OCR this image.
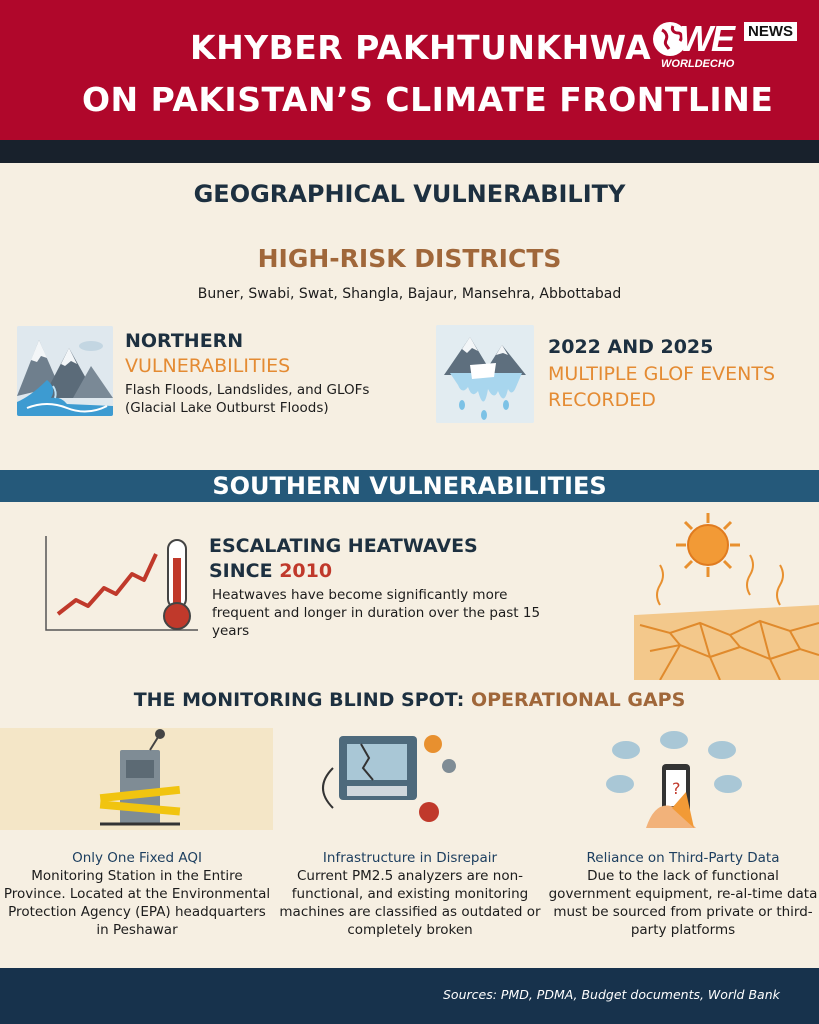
KHYBER PAKHTUNKHWA
ON PAKISTAN’S CLIMATE FRONTLINE
WE NEWS
WORLDECHO
GEOGRAPHICAL VULNERABILITY
HIGH-RISK DISTRICTS
Buner, Swabi, Swat, Shangla, Bajaur, Mansehra, Abbottabad
NORTHERN
VULNERABILITIES
Flash Floods, Landslides, and GLOFs
(Glacial Lake Outburst Floods)
2022 AND 2025
MULTIPLE GLOF EVENTS RECORDED
SOUTHERN VULNERABILITIES
ESCALATING HEATWAVES
SINCE 2010
Heatwaves have become significantly more frequent and longer in duration over the past 15 years
THE MONITORING BLIND SPOT: OPERATIONAL GAPS
?
Only One Fixed AQI
Monitoring Station in the Entire Province. Located at the Environmental Protection Agency (EPA) headquarters in Peshawar
Infrastructure in Disrepair
Current PM2.5 analyzers are non-functional, and existing monitoring machines are classified as outdated or completely broken
Reliance on Third-Party Data
Due to the lack of functional government equipment, re-al-time data must be sourced from private or third-party platforms
Sources: PMD, PDMA, Budget documents, World Bank
